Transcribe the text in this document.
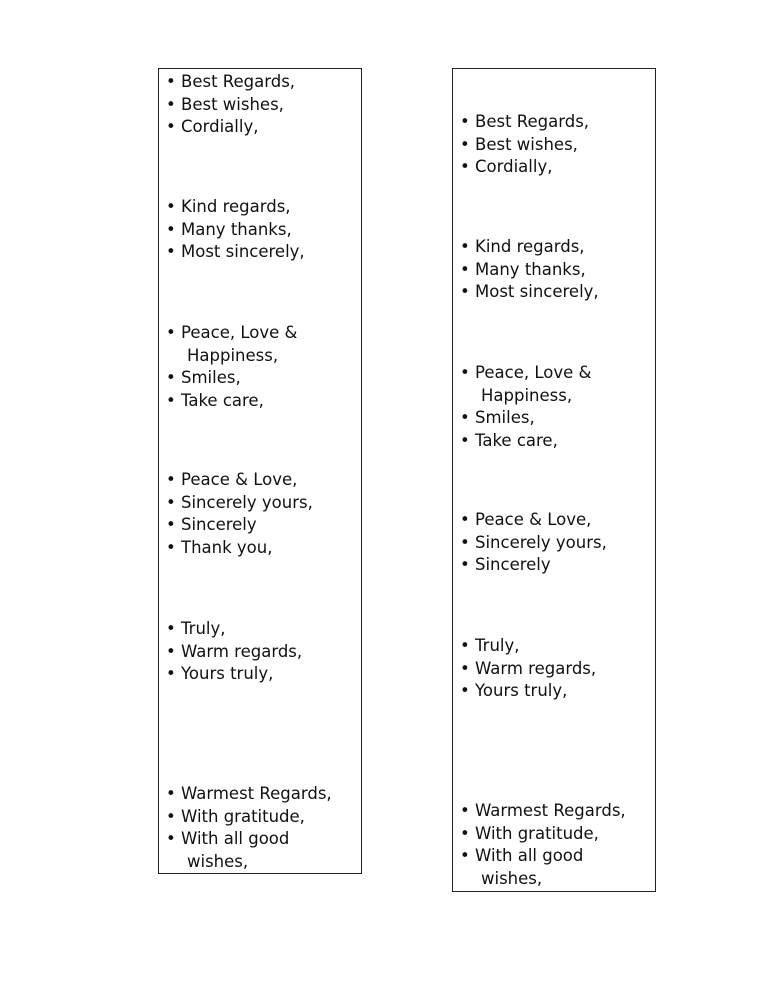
• Best Regards,
• Best wishes,
• Cordially,
• Kind regards,
• Many thanks,
• Most sincerely,
• Peace, Love &
Happiness,
• Smiles,
• Take care,
• Peace & Love,
• Sincerely yours,
• Sincerely
• Thank you,
• Truly,
• Warm regards,
• Yours truly,
• Warmest Regards,
• With gratitude,
• With all good
wishes,
• Best Regards,
• Best wishes,
• Cordially,
• Kind regards,
• Many thanks,
• Most sincerely,
• Peace, Love &
Happiness,
• Smiles,
• Take care,
• Peace & Love,
• Sincerely yours,
• Sincerely
• Truly,
• Warm regards,
• Yours truly,
• Warmest Regards,
• With gratitude,
• With all good
wishes,
